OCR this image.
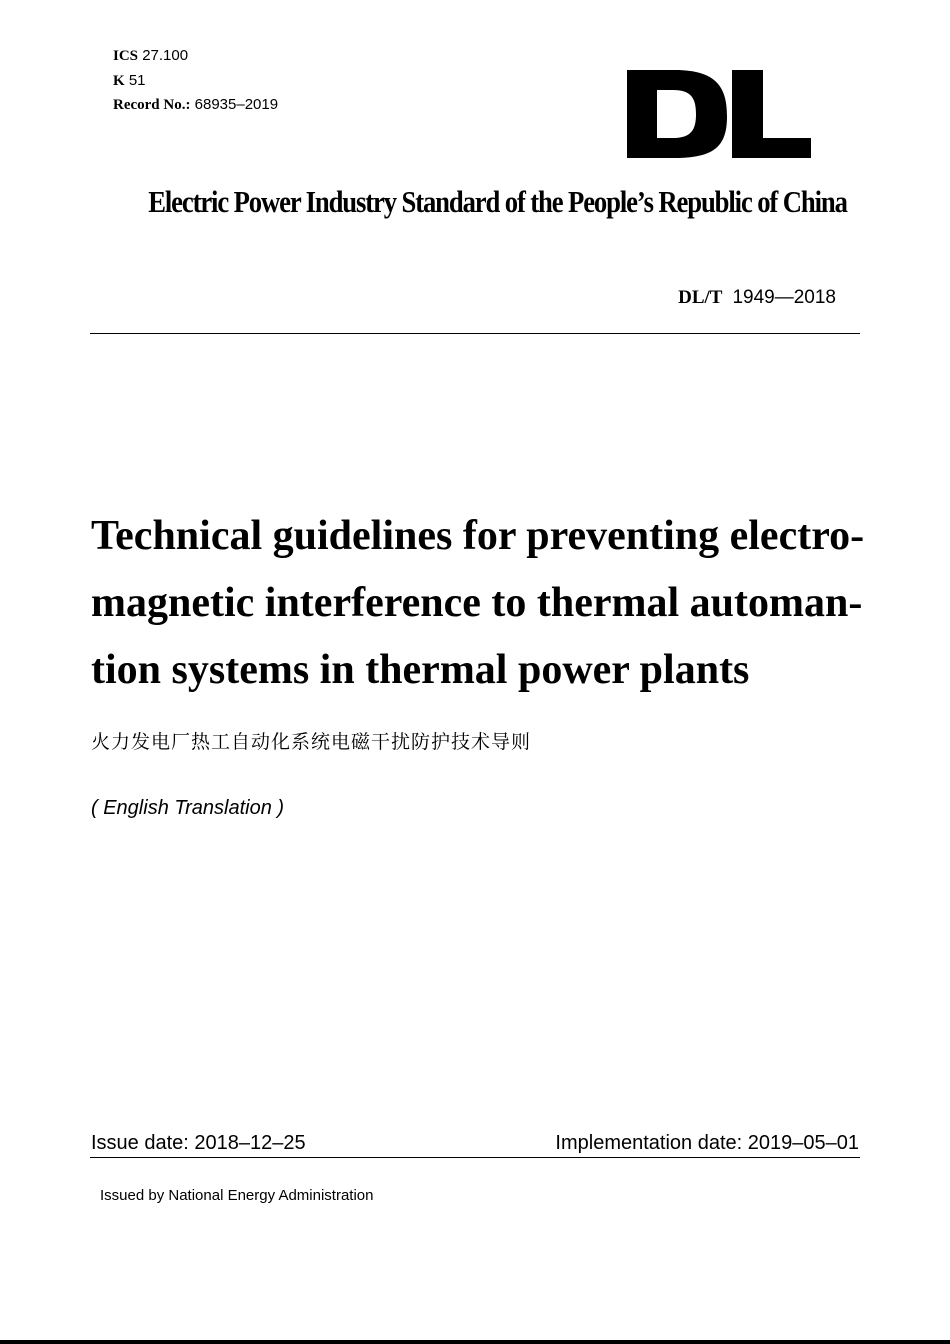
ICS 27.100
K 51
Record No.: 68935–2019
Electric Power Industry Standard of the People’s Republic of China
DL/T 1949—2018
Technical guidelines for preventing electro-
magnetic interference to thermal automan-
tion systems in thermal power plants
火力发电厂热工自动化系统电磁干扰防护技术导则
( English Translation )
Issue date: 2018–12–25	Implementation date: 2019–05–01
Issued by National Energy Administration
